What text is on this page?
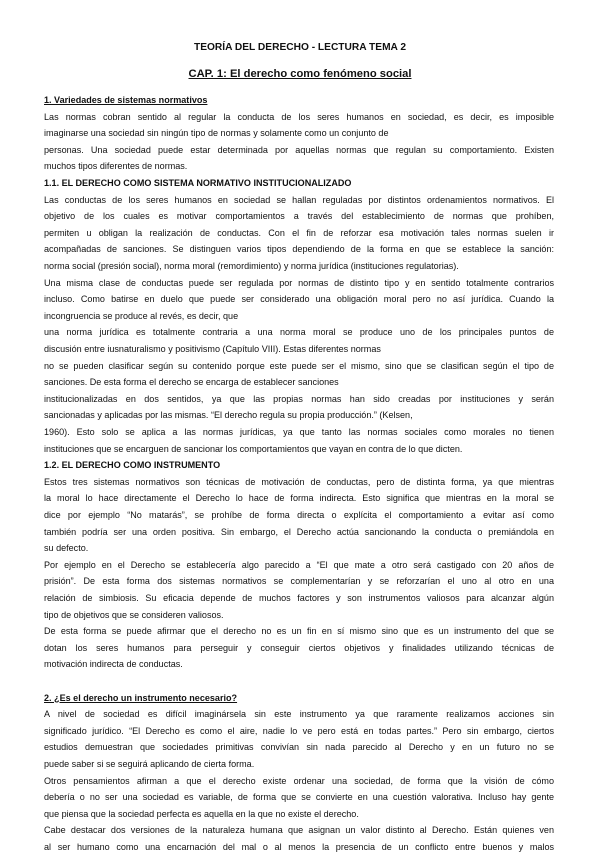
TEORÍA DEL DERECHO - LECTURA TEMA 2
CAP. 1: El derecho como fenómeno social
1. Variedades de sistemas normativos
Las normas cobran sentido al regular la conducta de los seres humanos en sociedad, es decir, es imposible
imaginarse una sociedad sin ningún tipo de normas y solamente como un conjunto de
personas. Una sociedad puede estar determinada por aquellas normas que regulan su comportamiento. Existen
muchos tipos diferentes de normas.
1.1. EL DERECHO COMO SISTEMA NORMATIVO INSTITUCIONALIZADO
Las conductas de los seres humanos en sociedad se hallan reguladas por distintos ordenamientos normativos. El
objetivo de los cuales es motivar comportamientos a través del establecimiento de normas que prohíben,
permiten u obligan la realización de conductas. Con el fin de reforzar esa motivación tales normas suelen ir
acompañadas de sanciones. Se distinguen varios tipos dependiendo de la forma en que se establece la sanción:
norma social (presión social), norma moral (remordimiento) y norma jurídica (instituciones regulatorias).
Una misma clase de conductas puede ser regulada por normas de distinto tipo y en sentido totalmente contrarios
incluso. Como batirse en duelo que puede ser considerado una obligación moral pero no así jurídica. Cuando la
incongruencia se produce al revés, es decir, que
una norma jurídica es totalmente contraria a una norma moral se produce uno de los principales puntos de
discusión entre iusnaturalismo y positivismo (Capítulo VIII). Estas diferentes normas
no se pueden clasificar según su contenido porque este puede ser el mismo, sino que se clasifican según el tipo de
sanciones. De esta forma el derecho se encarga de establecer sanciones
institucionalizadas en dos sentidos, ya que las propias normas han sido creadas por instituciones y serán
sancionadas y aplicadas por las mismas. “El derecho regula su propia producción.” (Kelsen,
1960). Esto solo se aplica a las normas jurídicas, ya que tanto las normas sociales como morales no tienen
instituciones que se encarguen de sancionar los comportamientos que vayan en contra de lo que dicten.
1.2. EL DERECHO COMO INSTRUMENTO
Estos tres sistemas normativos son técnicas de motivación de conductas, pero de distinta forma, ya que mientras
la moral lo hace directamente el Derecho lo hace de forma indirecta. Esto significa que mientras en la moral se
dice por ejemplo “No matarás”, se prohíbe de forma directa o explícita el comportamiento a evitar así como
también podría ser una orden positiva. Sin embargo, el Derecho actúa sancionando la conducta o premiándola en
su defecto.
Por ejemplo en el Derecho se establecería algo parecido a “El que mate a otro será castigado con 20 años de
prisión”. De esta forma dos sistemas normativos se complementarían y se reforzarían el uno al otro en una
relación de simbiosis. Su eficacia depende de muchos factores y son instrumentos valiosos para alcanzar algún
tipo de objetivos que se consideren valiosos.
De esta forma se puede afirmar que el derecho no es un fin en sí mismo sino que es un instrumento del que se
dotan los seres humanos para perseguir y conseguir ciertos objetivos y finalidades utilizando técnicas de
motivación indirecta de conductas.
2. ¿Es el derecho un instrumento necesario?
A nivel de sociedad es difícil imaginársela sin este instrumento ya que raramente realizamos acciones sin
significado jurídico. “El Derecho es como el aire, nadie lo ve pero está en todas partes.” Pero sin embargo, ciertos
estudios demuestran que sociedades primitivas convivían sin nada parecido al Derecho y en un futuro no se
puede saber si se seguirá aplicando de cierta forma.
Otros pensamientos afirman a que el derecho existe ordenar una sociedad, de forma que la visión de cómo
debería o no ser una sociedad es variable, de forma que se convierte en una cuestión valorativa. Incluso hay gente
que piensa que la sociedad perfecta es aquella en la que no existe el derecho.
Cabe destacar dos versiones de la naturaleza humana que asignan un valor distinto al Derecho. Están quienes ven
al ser humano como una encarnación del mal o al menos la presencia de un conflicto entre buenos y malos
